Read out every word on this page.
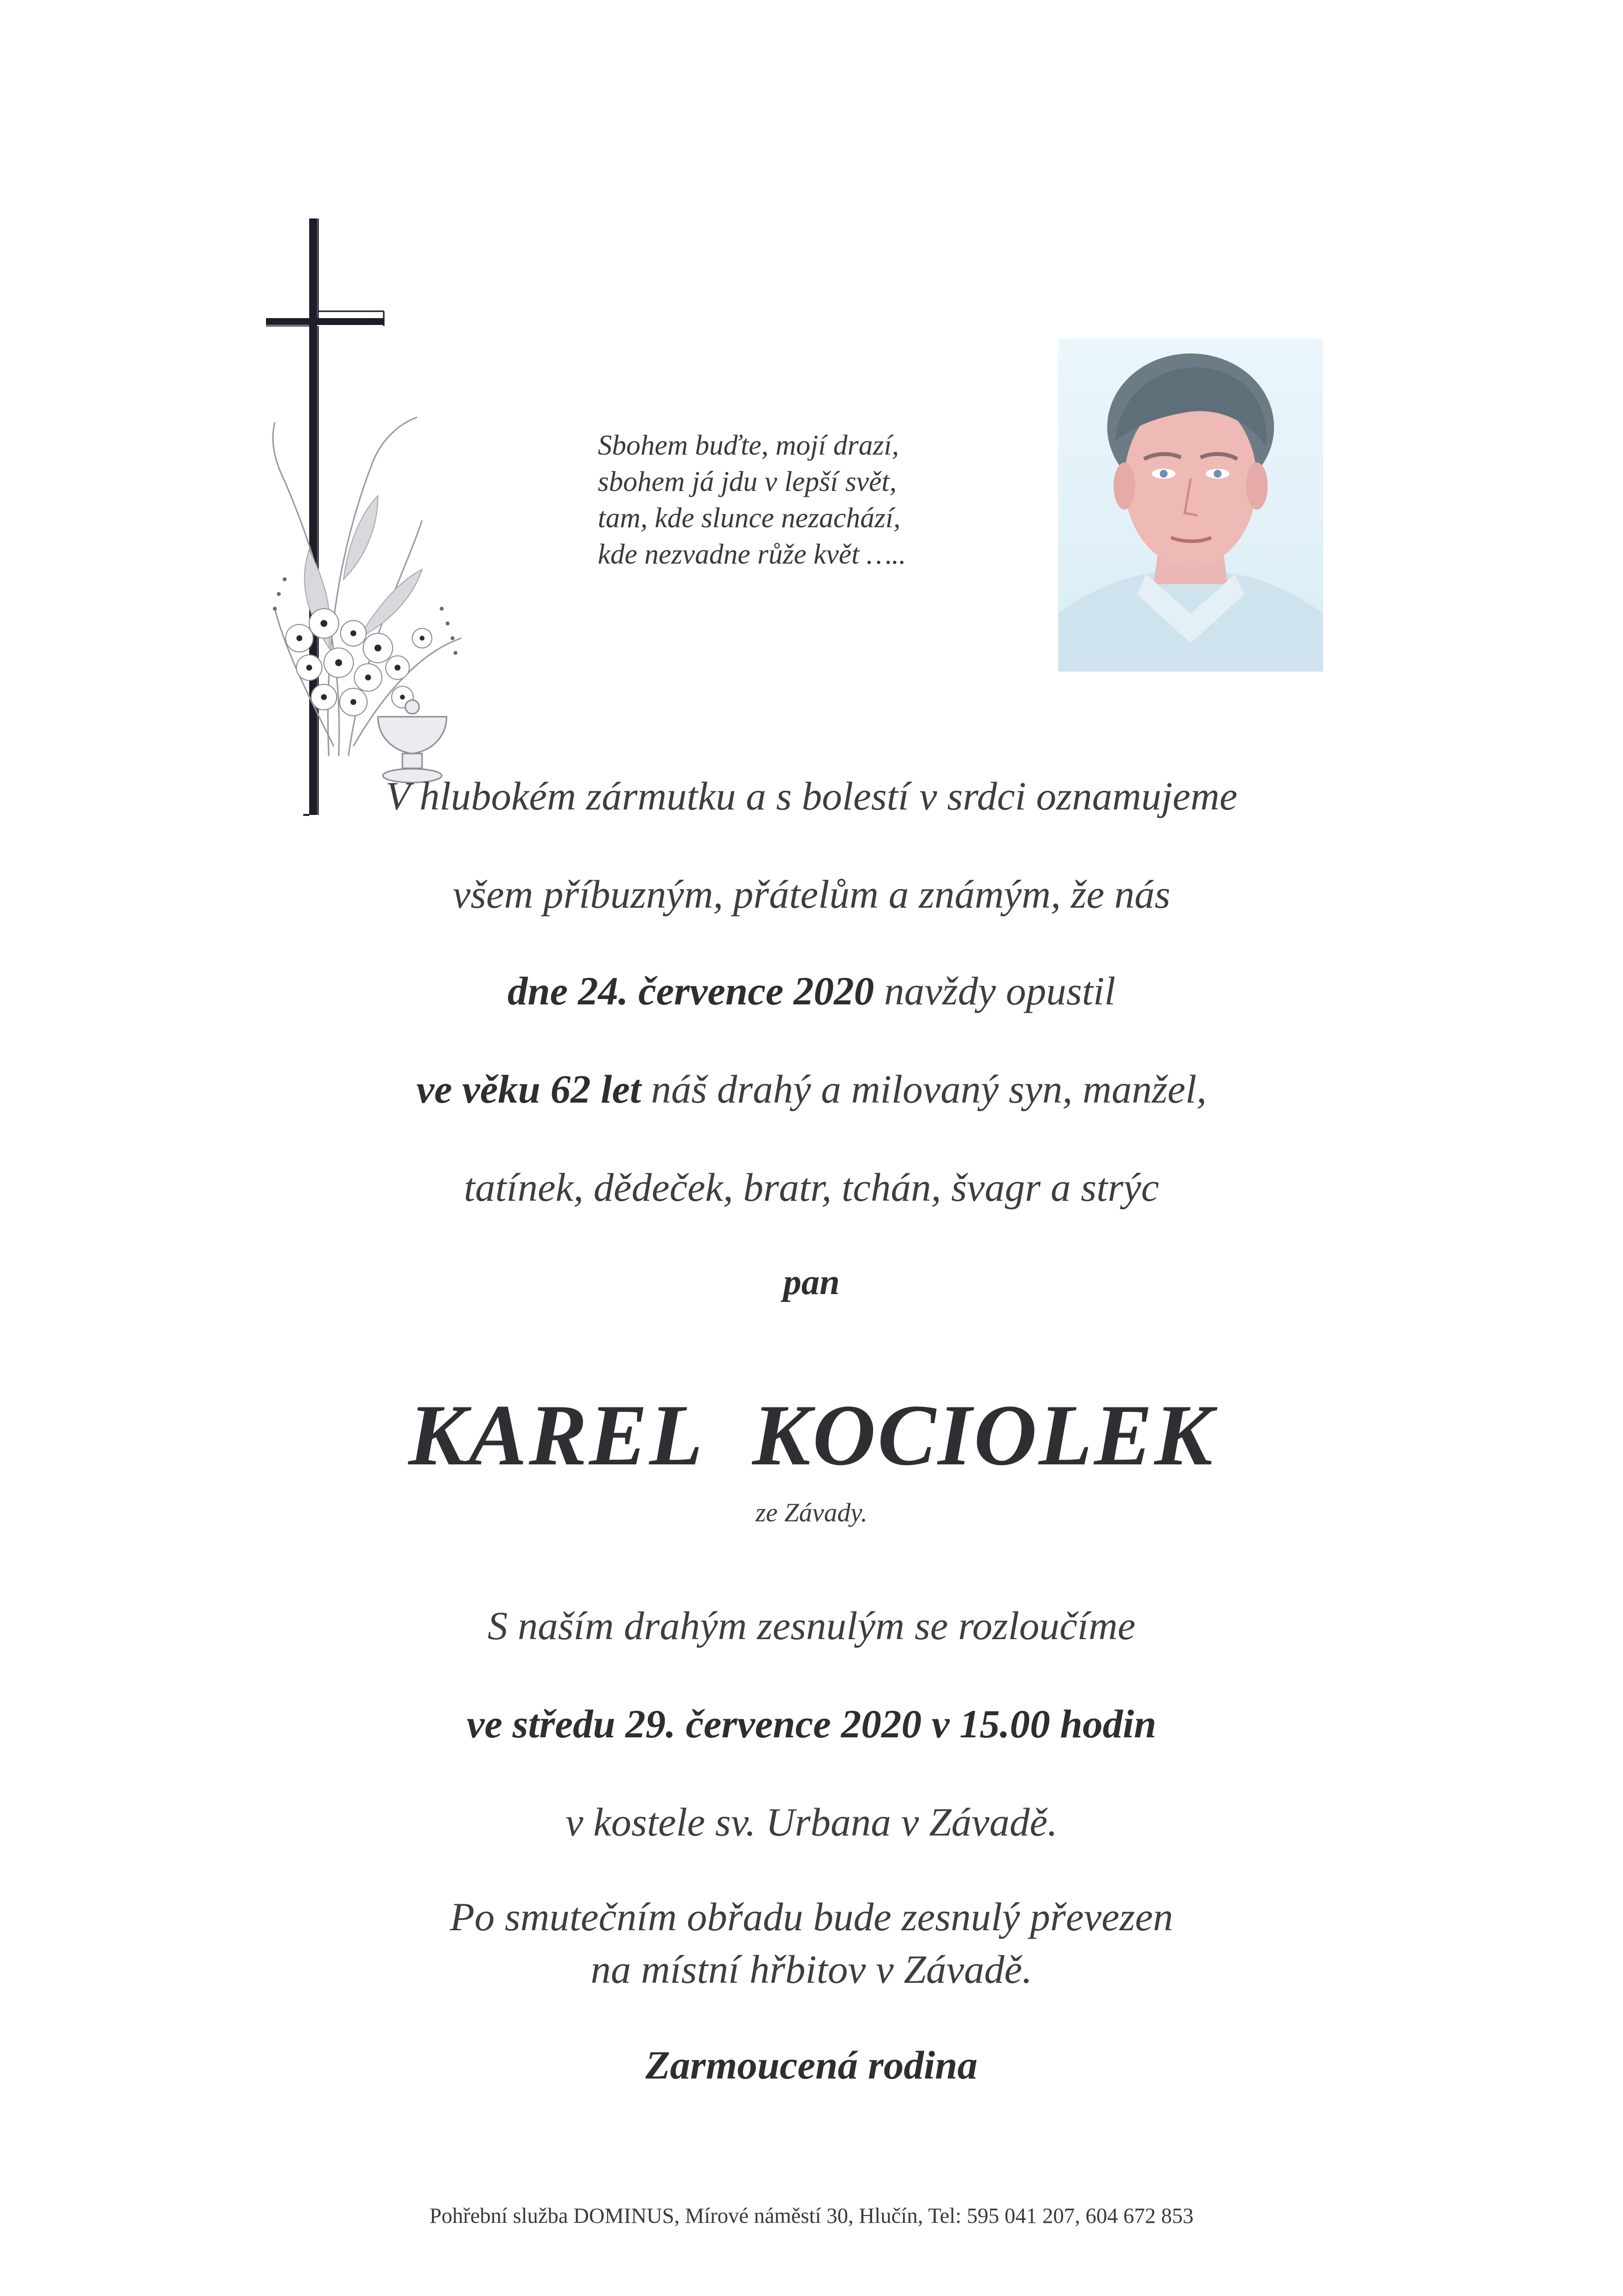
Sbohem buďte, mojí drazí,
sbohem já jdu v lepší svět,
tam, kde slunce nezachází,
kde nezvadne růže květ …..
V hlubokém zármutku a s bolestí v srdci oznamujeme
všem příbuzným, přátelům a známým, že nás
dne 24. července 2020 navždy opustil
ve věku 62 let náš drahý a milovaný syn, manžel,
tatínek, dědeček, bratr, tchán, švagr a strýc
pan
KAREL KOCIOLEK
ze Závady.
S naším drahým zesnulým se rozloučíme
ve středu 29. července 2020 v 15.00 hodin
v kostele sv. Urbana v Závadě.
Po smutečním obřadu bude zesnulý převezen
na místní hřbitov v Závadě.
Zarmoucená rodina
Pohřební služba DOMINUS, Mírové náměstí 30, Hlučín, Tel: 595 041 207, 604 672 853
